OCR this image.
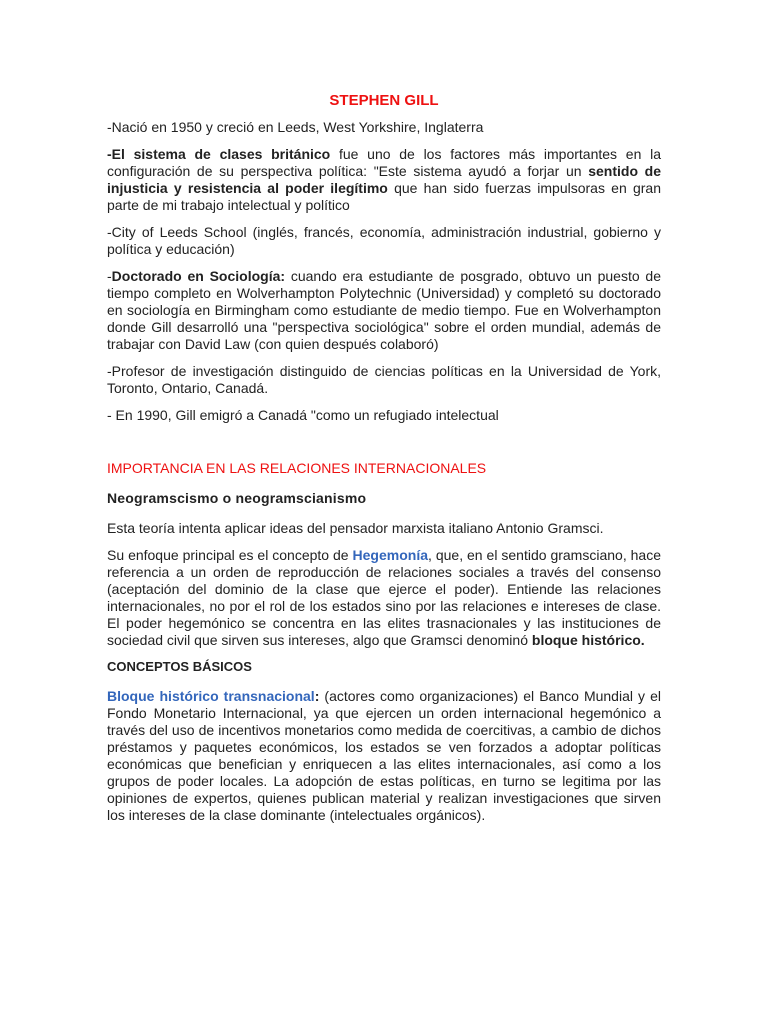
STEPHEN GILL

-Nació en 1950 y creció en Leeds, West Yorkshire, Inglaterra

-El sistema de clases británico fue uno de los factores más importantes en la configuración de su perspectiva política: "Este sistema ayudó a forjar un sentido de injusticia y resistencia al poder ilegítimo que han sido fuerzas impulsoras en gran parte de mi trabajo intelectual y político

-City of Leeds School (inglés, francés, economía, administración industrial, gobierno y política y educación)

-Doctorado en Sociología: cuando era estudiante de posgrado, obtuvo un puesto de tiempo completo en Wolverhampton Polytechnic (Universidad) y completó su doctorado en sociología en Birmingham como estudiante de medio tiempo. Fue en Wolverhampton donde Gill desarrolló una "perspectiva sociológica" sobre el orden mundial, además de trabajar con David Law (con quien después colaboró)

-Profesor de investigación distinguido de ciencias políticas en la Universidad de York, Toronto, Ontario, Canadá.

- En 1990, Gill emigró a Canadá "como un refugiado intelectual

IMPORTANCIA EN LAS RELACIONES INTERNACIONALES
Neogramscismo o neogramscianismo

Esta teoría intenta aplicar ideas del pensador marxista italiano Antonio Gramsci.

Su enfoque principal es el concepto de Hegemonía, que, en el sentido gramsciano, hace referencia a un orden de reproducción de relaciones sociales a través del consenso (aceptación del dominio de la clase que ejerce el poder). Entiende las relaciones internacionales, no por el rol de los estados sino por las relaciones e intereses de clase. El poder hegemónico se concentra en las elites trasnacionales y las instituciones de sociedad civil que sirven sus intereses, algo que Gramsci denominó bloque histórico.

CONCEPTOS BÁSICOS

Bloque histórico transnacional: (actores como organizaciones) el Banco Mundial y el Fondo Monetario Internacional, ya que ejercen un orden internacional hegemónico a través del uso de incentivos monetarios como medida de coercitivas, a cambio de dichos préstamos y paquetes económicos, los estados se ven forzados a adoptar políticas económicas que benefician y enriquecen a las elites internacionales, así como a los grupos de poder locales. La adopción de estas políticas, en turno se legitima por las opiniones de expertos, quienes publican material y realizan investigaciones que sirven los intereses de la clase dominante (intelectuales orgánicos).
